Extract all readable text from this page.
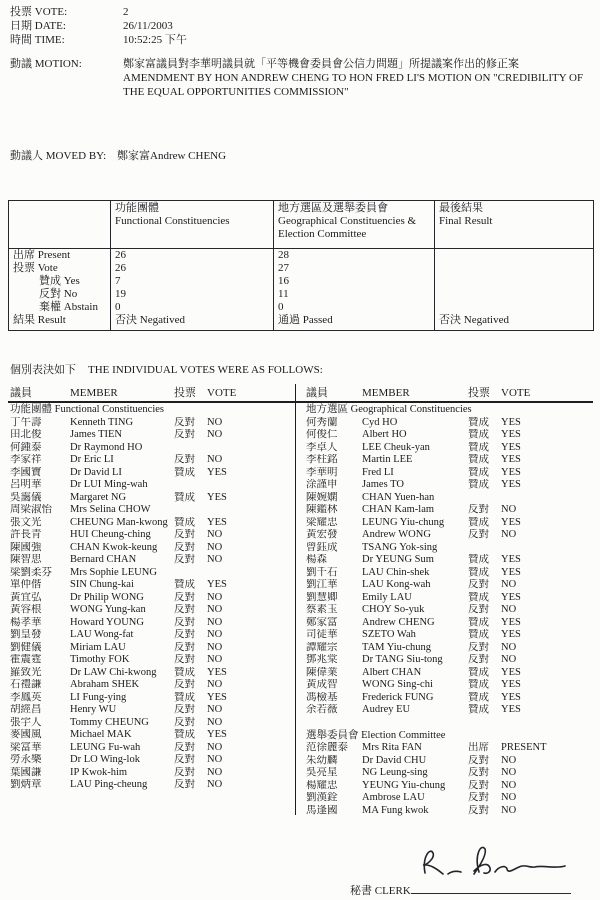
投票 VOTE:	2
日期 DATE:	26/11/2003
時間 TIME:	10:52:25 下午
動議 MOTION:	鄭家富議員對李華明議員就「平等機會委員會公信力問題」所提議案作出的修正案
AMENDMENT BY HON ANDREW CHENG TO HON FRED LI'S MOTION ON "CREDIBILITY OF THE EQUAL OPPORTUNITIES COMMISSION"
動議人 MOVED BY: 鄭家富Andrew CHENG

功能團體
Functional Constituencies

地方選區及選舉委員會
Geographical Constituencies & Election Committee

最後結果
Final Result

出席 Present	26	28	
投票 Vote	26	27	
贊成 Yes	7	16	
反對 No	19	11	
棄權 Abstain	0	0	
結果 Result	否決 Negatived	通過 Passed	否決 Negatived
個別表決如下 THE INDIVIDUAL VOTES WERE AS FOLLOWS:
議員	MEMBER	投票	VOTE	議員	MEMBER	投票	VOTE
功能團體 Functional Constituencies
丁午壽	Kenneth TING	反對	NO
田北俊	James TIEN	反對	NO
何鍾泰	Dr Raymond HO
李家祥	Dr Eric LI	反對	NO
李國寶	Dr David LI	贊成	YES
呂明華	Dr LUI Ming-wah
吳靄儀	Margaret NG	贊成	YES
周梁淑怡	Mrs Selina CHOW
張文光	CHEUNG Man-kwong 贊成	YES
許長青	HUI Cheung-ching	反對	NO
陳國強	CHAN Kwok-keung	反對	NO
陳智思	Bernard CHAN	反對	NO
梁劉柔芬	Mrs Sophie LEUNG
單仲偕	SIN Chung-kai	贊成	YES
黃宜弘	Dr Philip WONG	反對	NO
黃容根	WONG Yung-kan	反對	NO
楊孝華	Howard YOUNG	反對	NO
劉皇發	LAU Wong-fat	反對	NO
劉健儀	Miriam LAU	反對	NO
霍震霆	Timothy FOK	反對	NO
羅致光	Dr LAW Chi-kwong	贊成	YES
石禮謙	Abraham SHEK	反對	NO
李鳳英	LI Fung-ying	贊成	YES
胡經昌	Henry WU	反對	NO
張宇人	Tommy CHEUNG	反對	NO
麥國風	Michael MAK	贊成	YES
梁富華	LEUNG Fu-wah	反對	NO
勞永樂	Dr LO Wing-lok	反對	NO
葉國謙	IP Kwok-him	反對	NO
劉炳章	LAU Ping-cheung	反對	NO
地方選區 Geographical Constituencies
何秀蘭	Cyd HO	贊成	YES
何俊仁	Albert HO	贊成	YES
李卓人	LEE Cheuk-yan	贊成	YES
李柱銘	Martin LEE	贊成	YES
李華明	Fred LI	贊成	YES
涂謹申	James TO	贊成	YES
陳婉嫻	CHAN Yuen-han
陳鑑林	CHAN Kam-lam	反對	NO
梁耀忠	LEUNG Yiu-chung	贊成	YES
黃宏發	Andrew WONG	反對	NO
曾鈺成	TSANG Yok-sing
楊森	Dr YEUNG Sum	贊成	YES
劉千石	LAU Chin-shek	贊成	YES
劉江華	LAU Kong-wah	反對	NO
劉慧卿	Emily LAU	贊成	YES
蔡素玉	CHOY So-yuk	反對	NO
鄭家富	Andrew CHENG	贊成	YES
司徒華	SZETO Wah	贊成	YES
譚耀宗	TAM Yiu-chung	反對	NO
鄧兆棠	Dr TANG Siu-tong	反對	NO
陳偉業	Albert CHAN	贊成	YES
黃成智	WONG Sing-chi	贊成	YES
馮檢基	Frederick FUNG	贊成	YES
余若薇	Audrey EU	贊成	YES
選舉委員會 Election Committee
范徐麗泰	Mrs Rita FAN	出席	PRESENT
朱幼麟	Dr David CHU	反對	NO
吳亮星	NG Leung-sing	反對	NO
楊耀忠	YEUNG Yiu-chung	反對	NO
劉漢銓	Ambrose LAU	反對	NO
馬逢國	MA Fung kwok	反對	NO
秘書 CLERK
